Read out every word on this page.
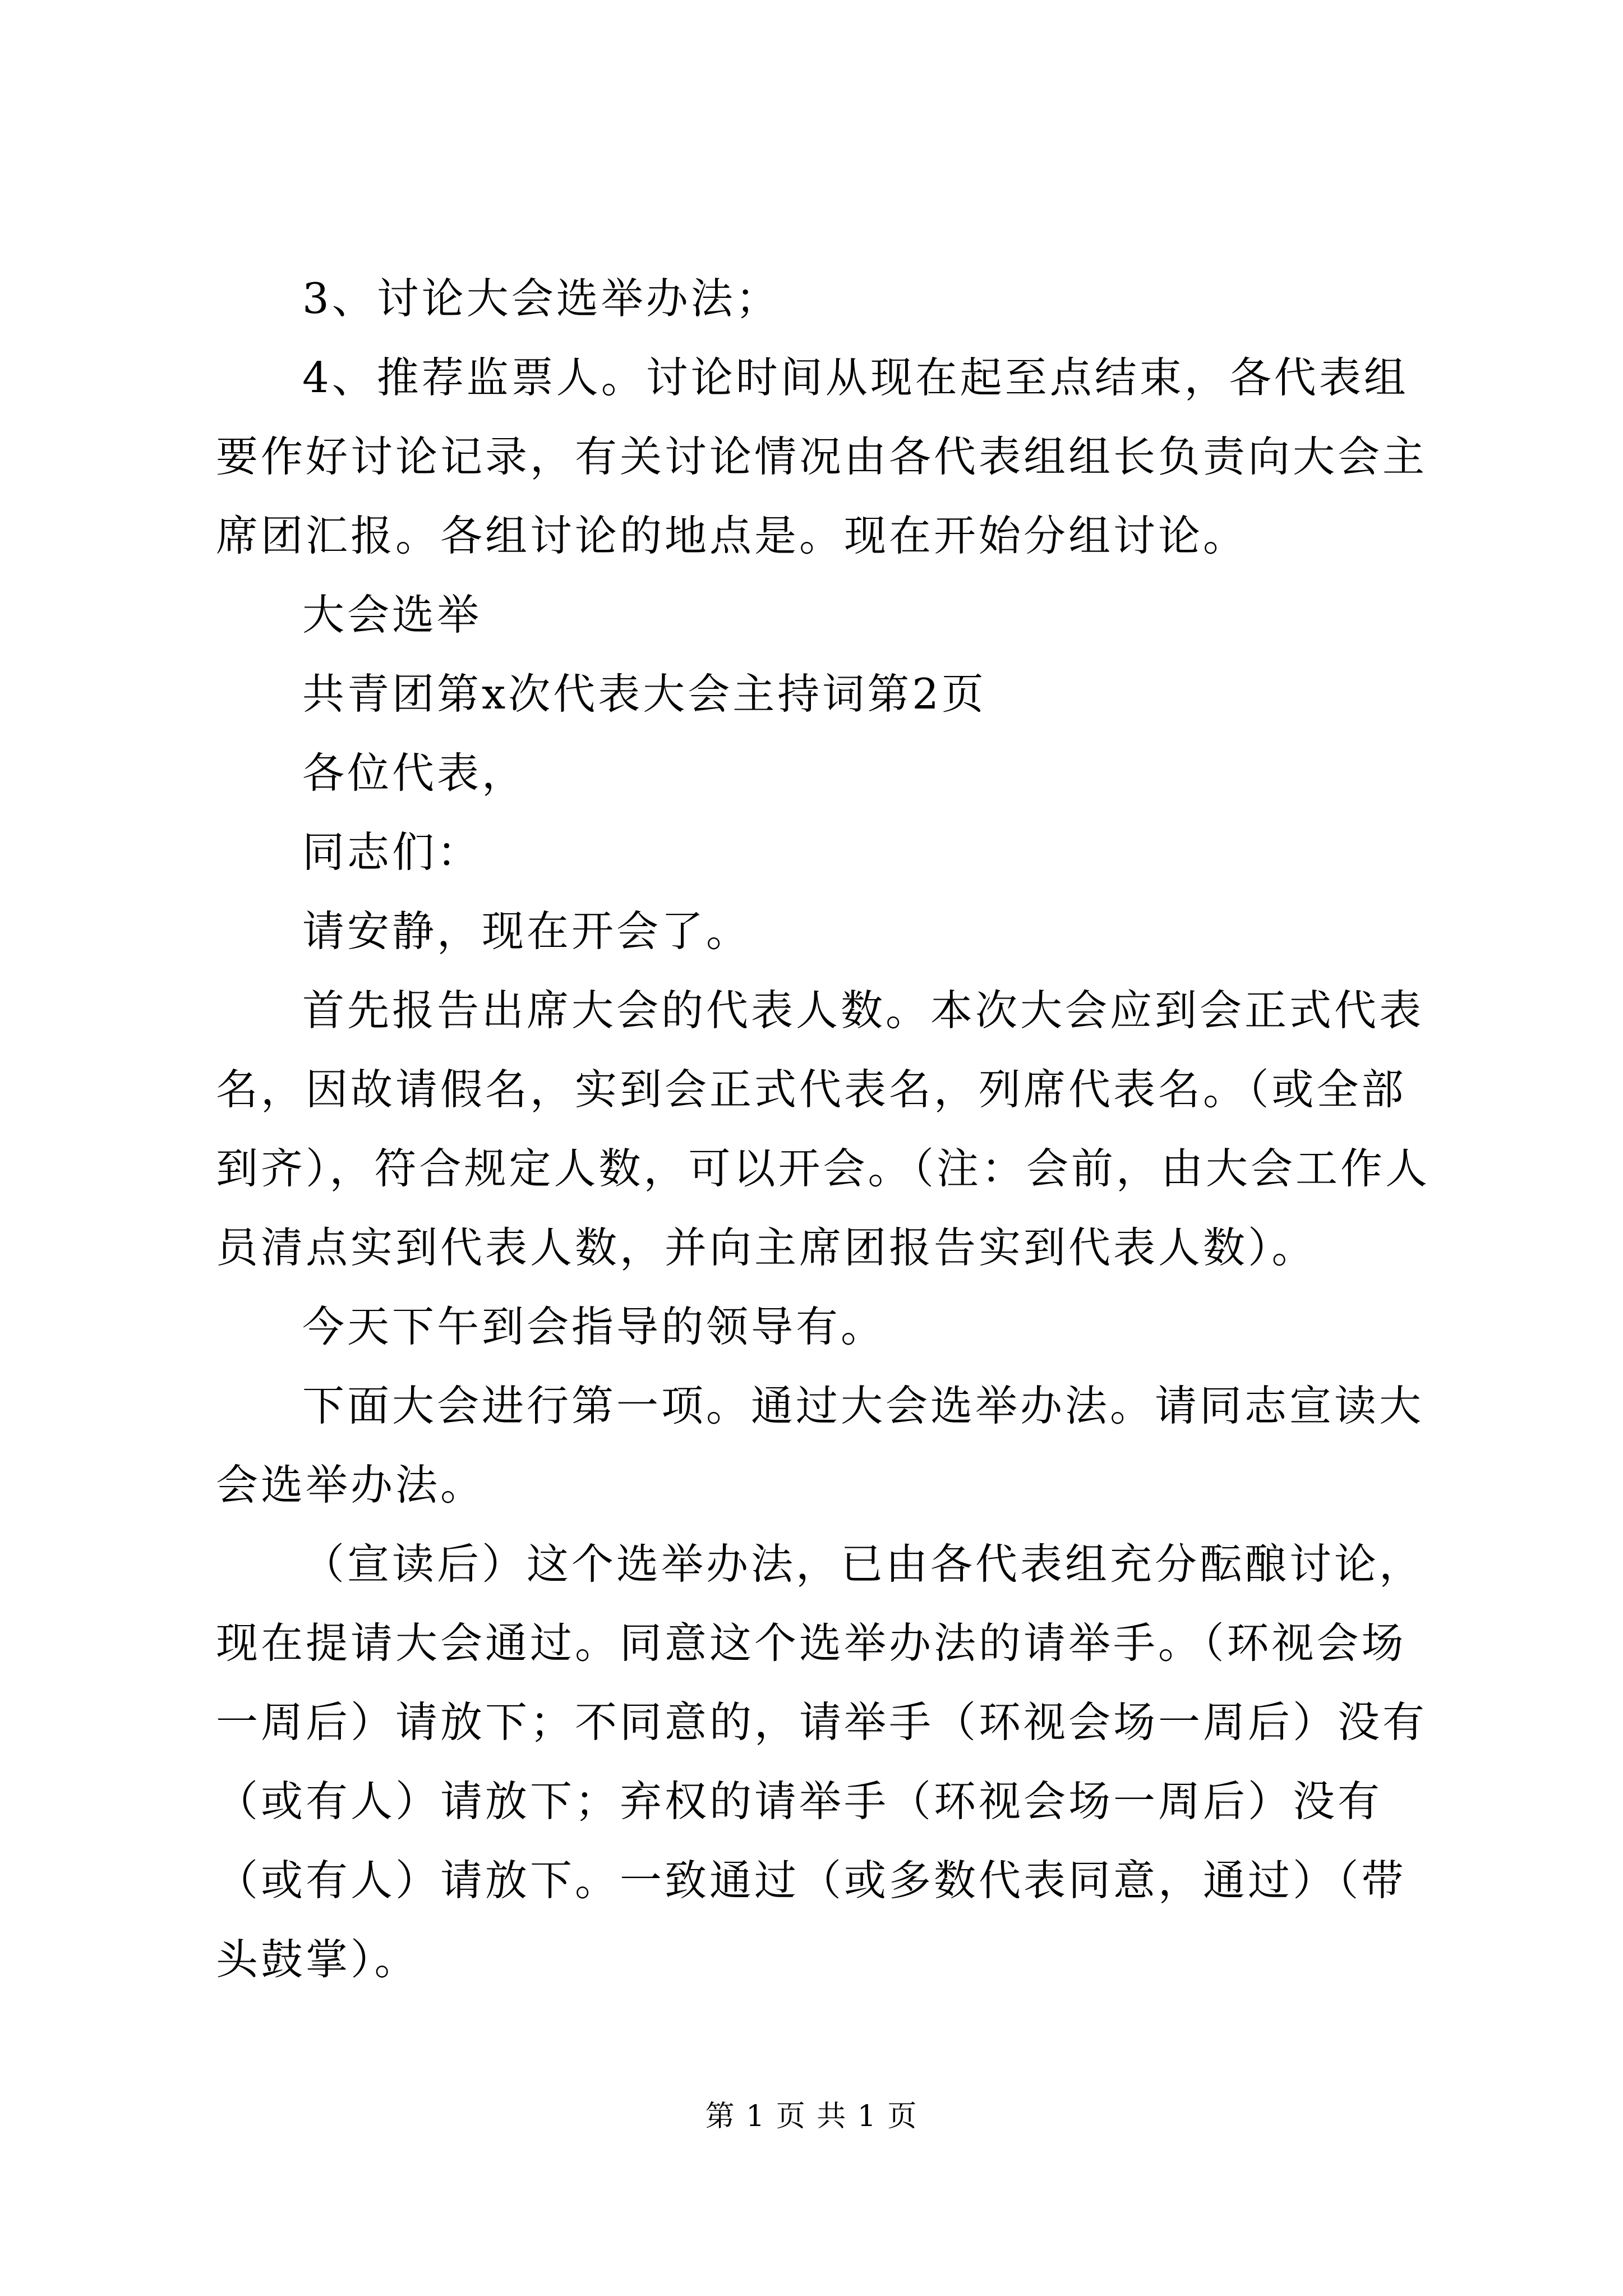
3、讨论大会选举办法；

4、推荐监票人。讨论时间从现在起至点结束，各代表组要作好讨论记录，有关讨论情况由各代表组组长负责向大会主席团汇报。各组讨论的地点是。现在开始分组讨论。

大会选举

共青团第x次代表大会主持词第2页

各位代表，

同志们：

请安静，现在开会了。

首先报告出席大会的代表人数。本次大会应到会正式代表名，因故请假名，实到会正式代表名，列席代表名。（或全部到齐），符合规定人数，可以开会。（注：会前，由大会工作人员清点实到代表人数，并向主席团报告实到代表人数）。

今天下午到会指导的领导有。

下面大会进行第一项。通过大会选举办法。请同志宣读大会选举办法。

（宣读后）这个选举办法，已由各代表组充分酝酿讨论，现在提请大会通过。同意这个选举办法的请举手。（环视会场一周后）请放下；不同意的，请举手（环视会场一周后）没有（或有人）请放下；弃权的请举手（环视会场一周后）没有（或有人）请放下。一致通过（或多数代表同意，通过）（带头鼓掌）。

第 1 页 共 1 页
